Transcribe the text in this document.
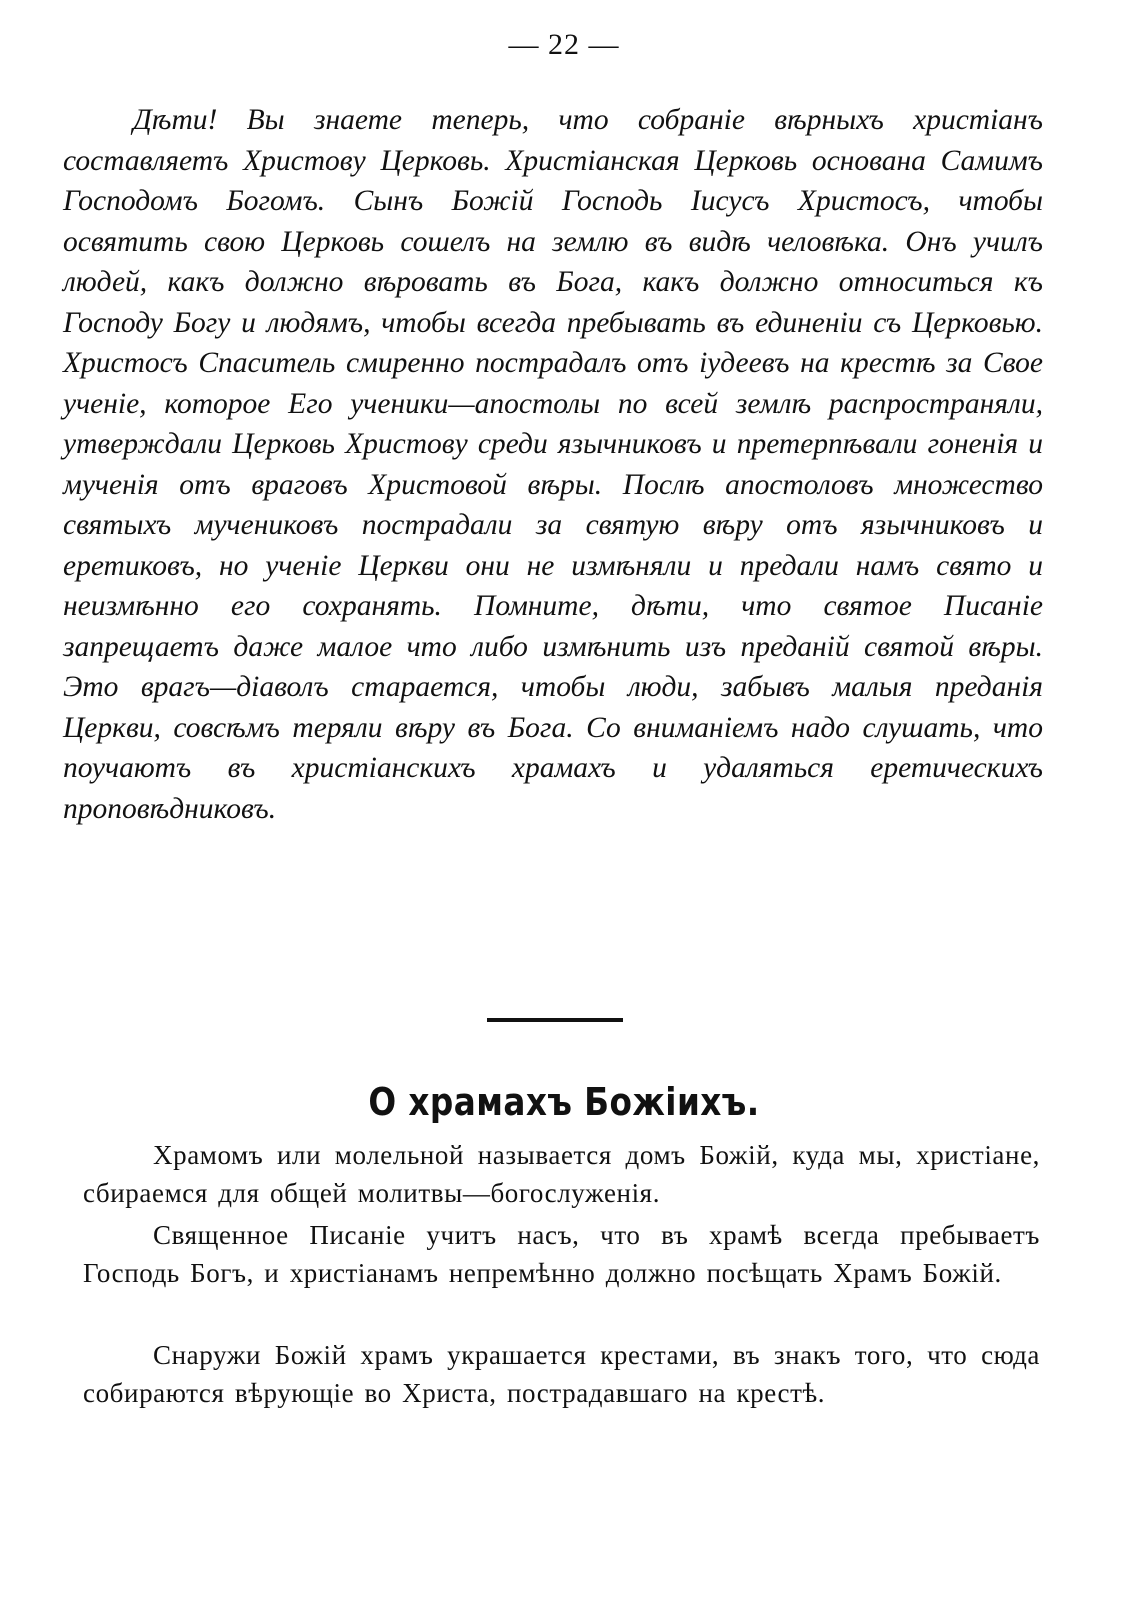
— 22 —

Дѣти! Вы знаете теперь, что собраніе вѣрныхъ христіанъ составляетъ Христову Церковь. Христіанская Церковь основана Самимъ Господомъ Богомъ. Сынъ Божій Господь Іисусъ Христосъ, чтобы освятить свою Церковь сошелъ на землю въ видѣ человѣка. Онъ училъ людей, какъ должно вѣровать въ Бога, какъ должно относиться къ Господу Богу и людямъ, чтобы всегда пребывать въ единеніи съ Церковью. Христосъ Спаситель смиренно пострадалъ отъ іудеевъ на крестѣ за Свое ученіе, которое Его ученики—апостолы по всей землѣ распространяли, утверждали Церковь Христову среди язычниковъ и претерпѣвали гоненія и мученія отъ враговъ Христовой вѣры. Послѣ апостоловъ множество святыхъ мучениковъ пострадали за святую вѣру отъ язычниковъ и еретиковъ, но ученіе Церкви они не измѣняли и предали намъ свято и неизмѣнно его сохранять. Помните, дѣти, что святое Писаніе запрещаетъ даже малое что либо измѣнить изъ преданій святой вѣры. Это врагъ—діаволъ старается, чтобы люди, забывъ малыя преданія Церкви, совсѣмъ теряли вѣру въ Бога. Со вниманіемъ надо слушать, что поучаютъ въ христіанскихъ храмахъ и удаляться еретическихъ проповѣдниковъ.

О храмахъ Божіихъ.

Храмомъ или молельной называется домъ Божій, куда мы, христіане, сбираемся для общей молитвы—богослуженія.

Священное Писаніе учитъ насъ, что въ храмѣ всегда пребываетъ Господь Богъ, и христіанамъ непремѣнно должно посѣщать Храмъ Божій.

Снаружи Божій храмъ украшается крестами, въ знакъ того, что сюда собираются вѣрующіе во Христа, пострадавшаго на крестѣ.
